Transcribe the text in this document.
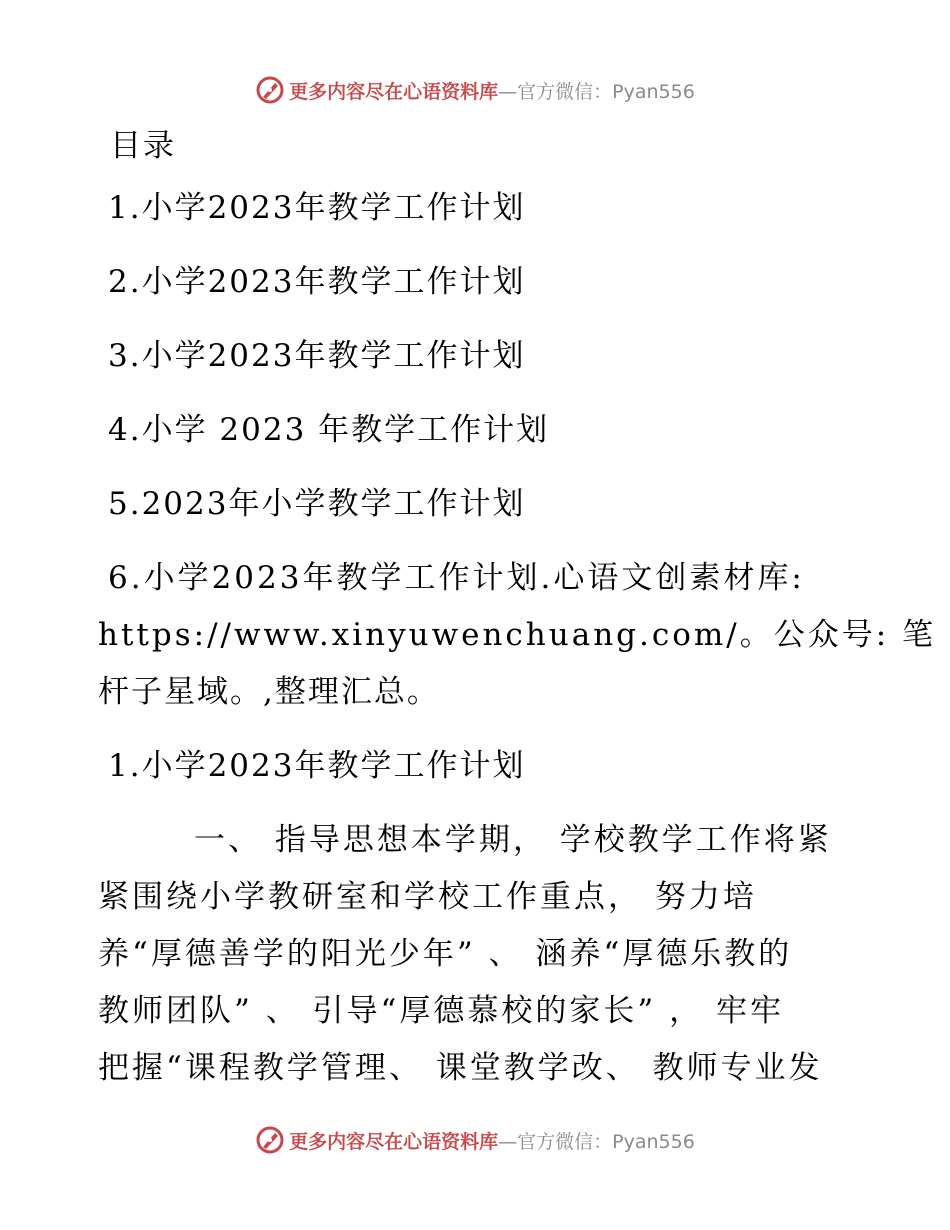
更多内容尽在心语资料库 —官方微信：Pyan556
目录
1.小学2023年教学工作计划
2.小学2023年教学工作计划
3.小学2023年教学工作计划
4.小学 2023 年教学工作计划
5.2023年小学教学工作计划
6.小学2023年教学工作计划.心语文创素材库:
https://www.xinyuwenchuang.com/。公众号: 笔
杆子星域。,整理汇总。
1.小学2023年教学工作计划
一、 指导思想本学期， 学校教学工作将紧
紧围绕小学教研室和学校工作重点， 努力培
养“厚德善学的阳光少年” 、 涵养“厚德乐教的
教师团队” 、 引导“厚德慕校的家长” ， 牢牢
把握“课程教学管理、 课堂教学改、 教师专业发
更多内容尽在心语资料库 —官方微信：Pyan556
